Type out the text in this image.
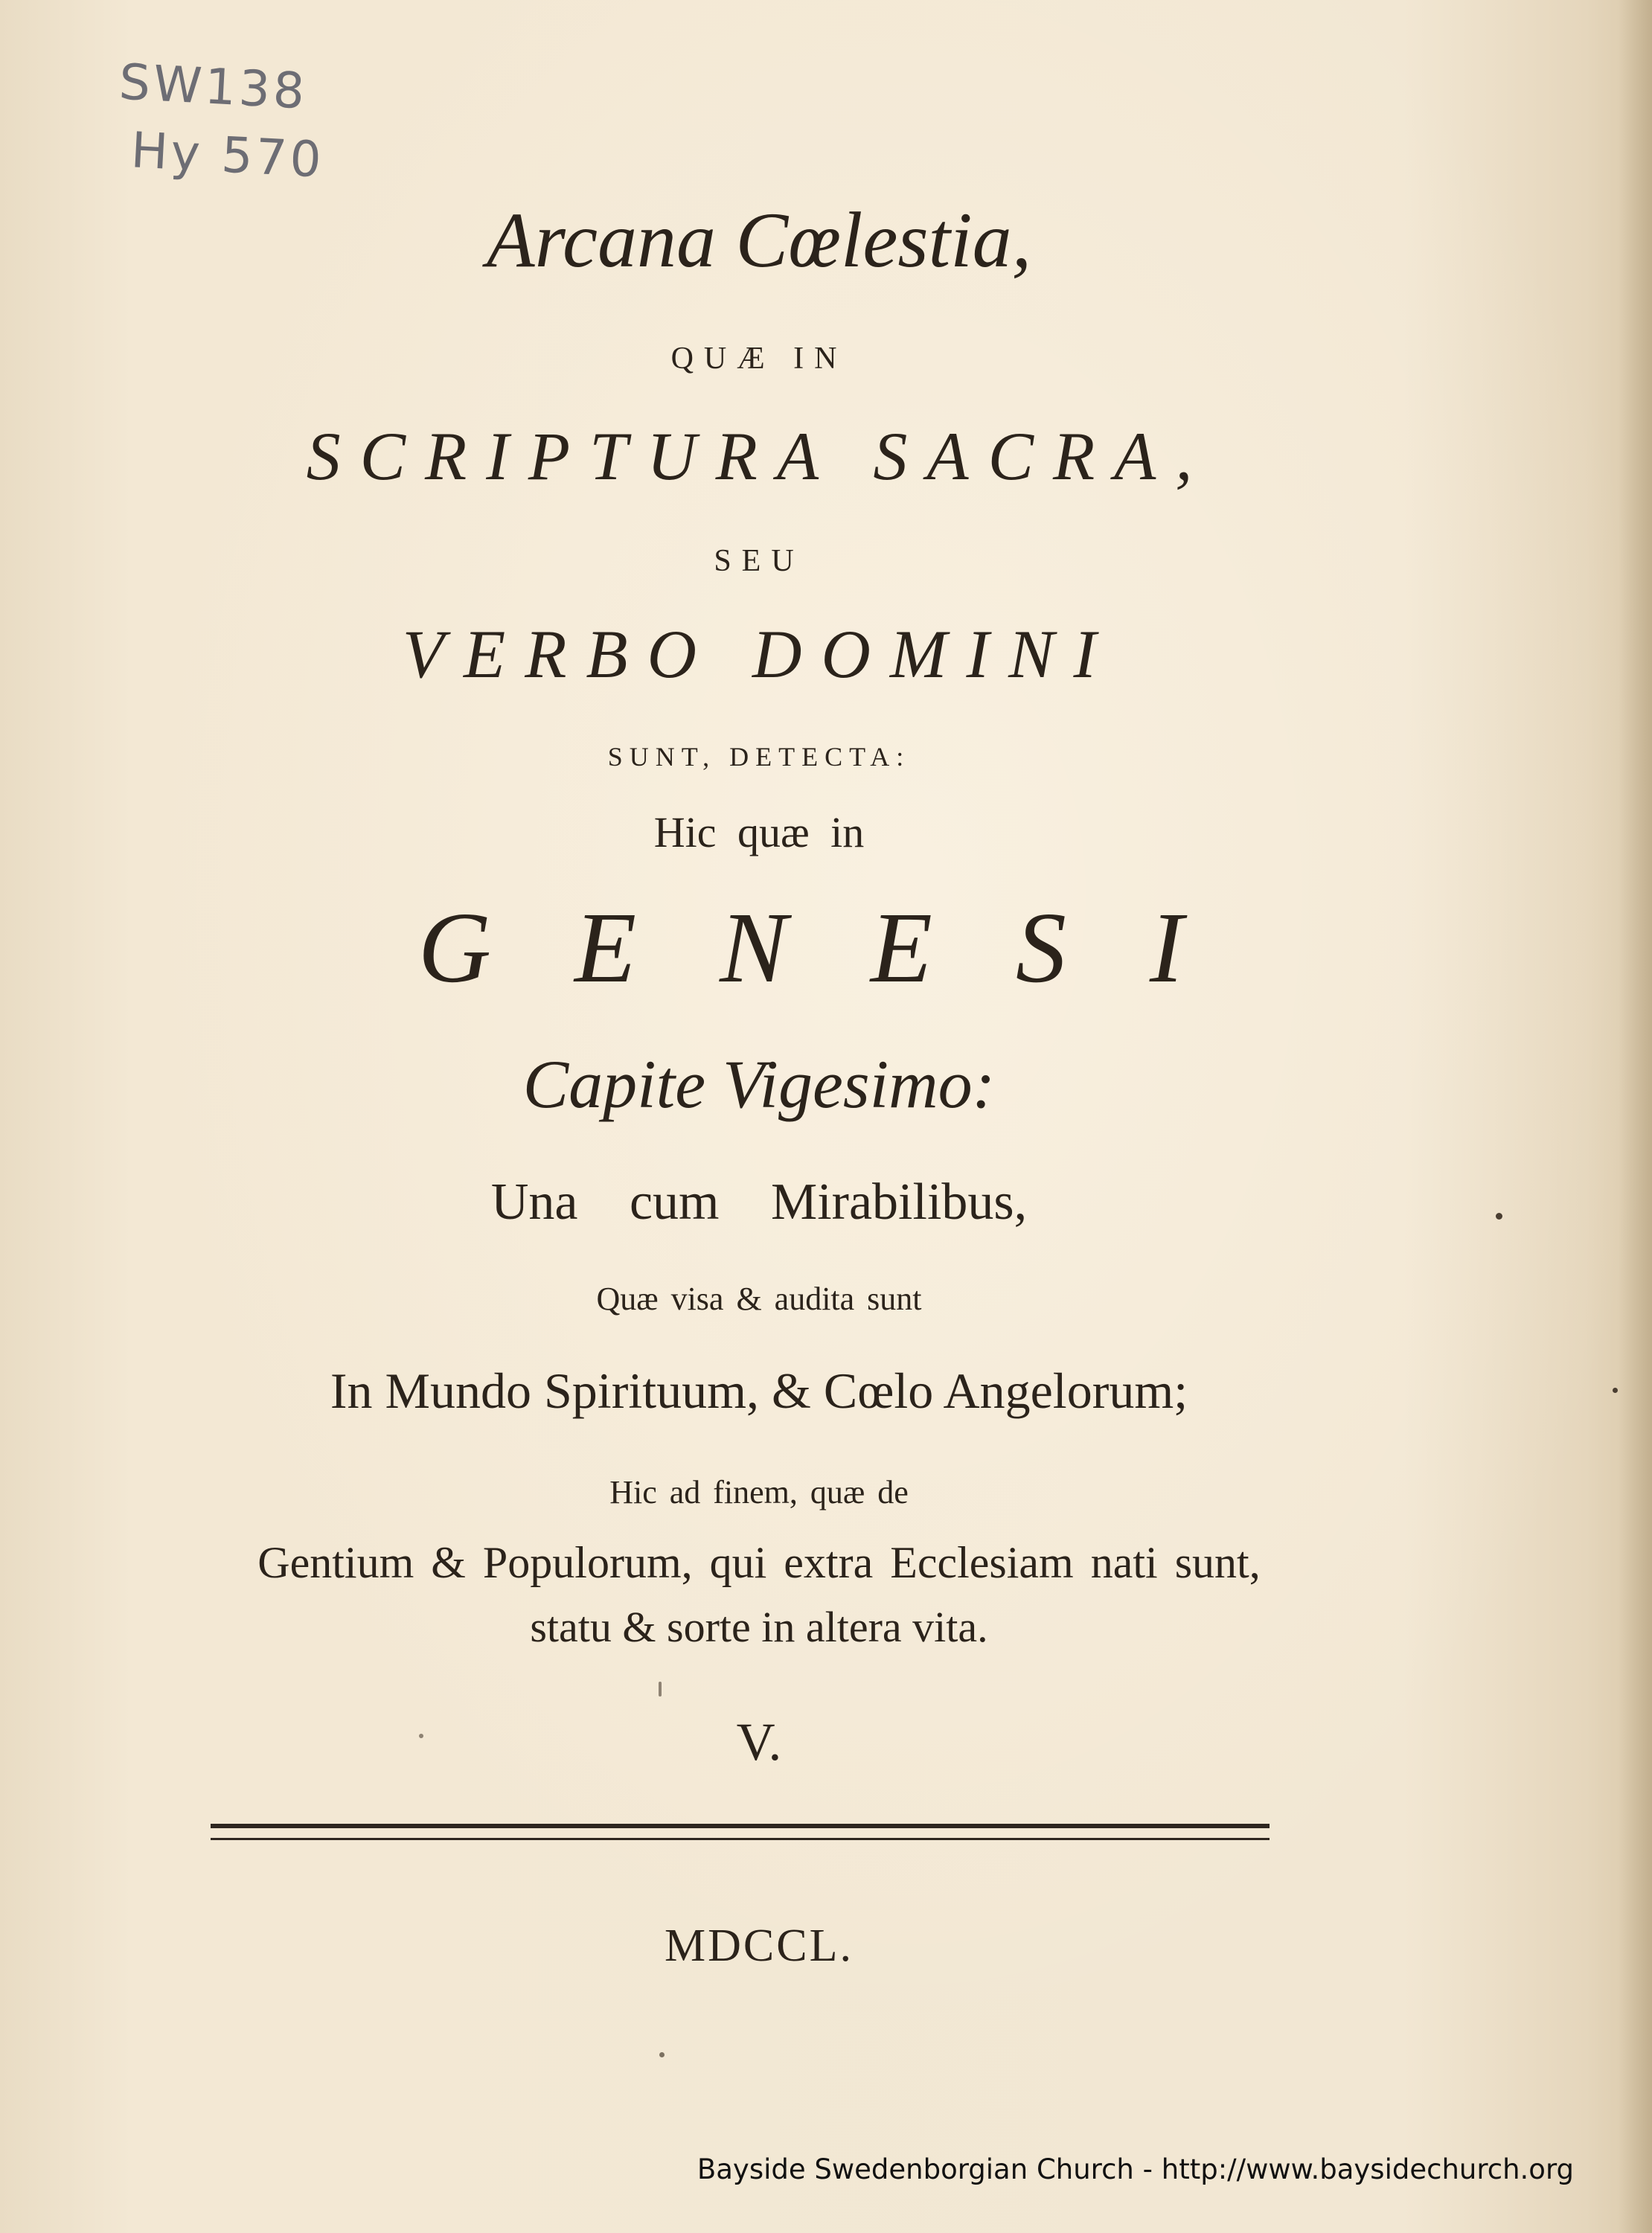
SW138
Hy 570
Arcana Cœlestia,
QUÆ IN
SCRIPTURA SACRA,
SEU
VERBO DOMINI
SUNT, DETECTA:
Hic quæ in
GENESI
Capite Vigesimo:
Una cum Mirabilibus,
Quæ visa & audita sunt
In Mundo Spirituum, & Cœlo Angelorum;
Hic ad finem, quæ de
Gentium & Populorum, qui extra Ecclesiam nati sunt,
statu & sorte in altera vita.
V.
MDCCL.
Bayside Swedenborgian Church - http://www.baysidechurch.org
